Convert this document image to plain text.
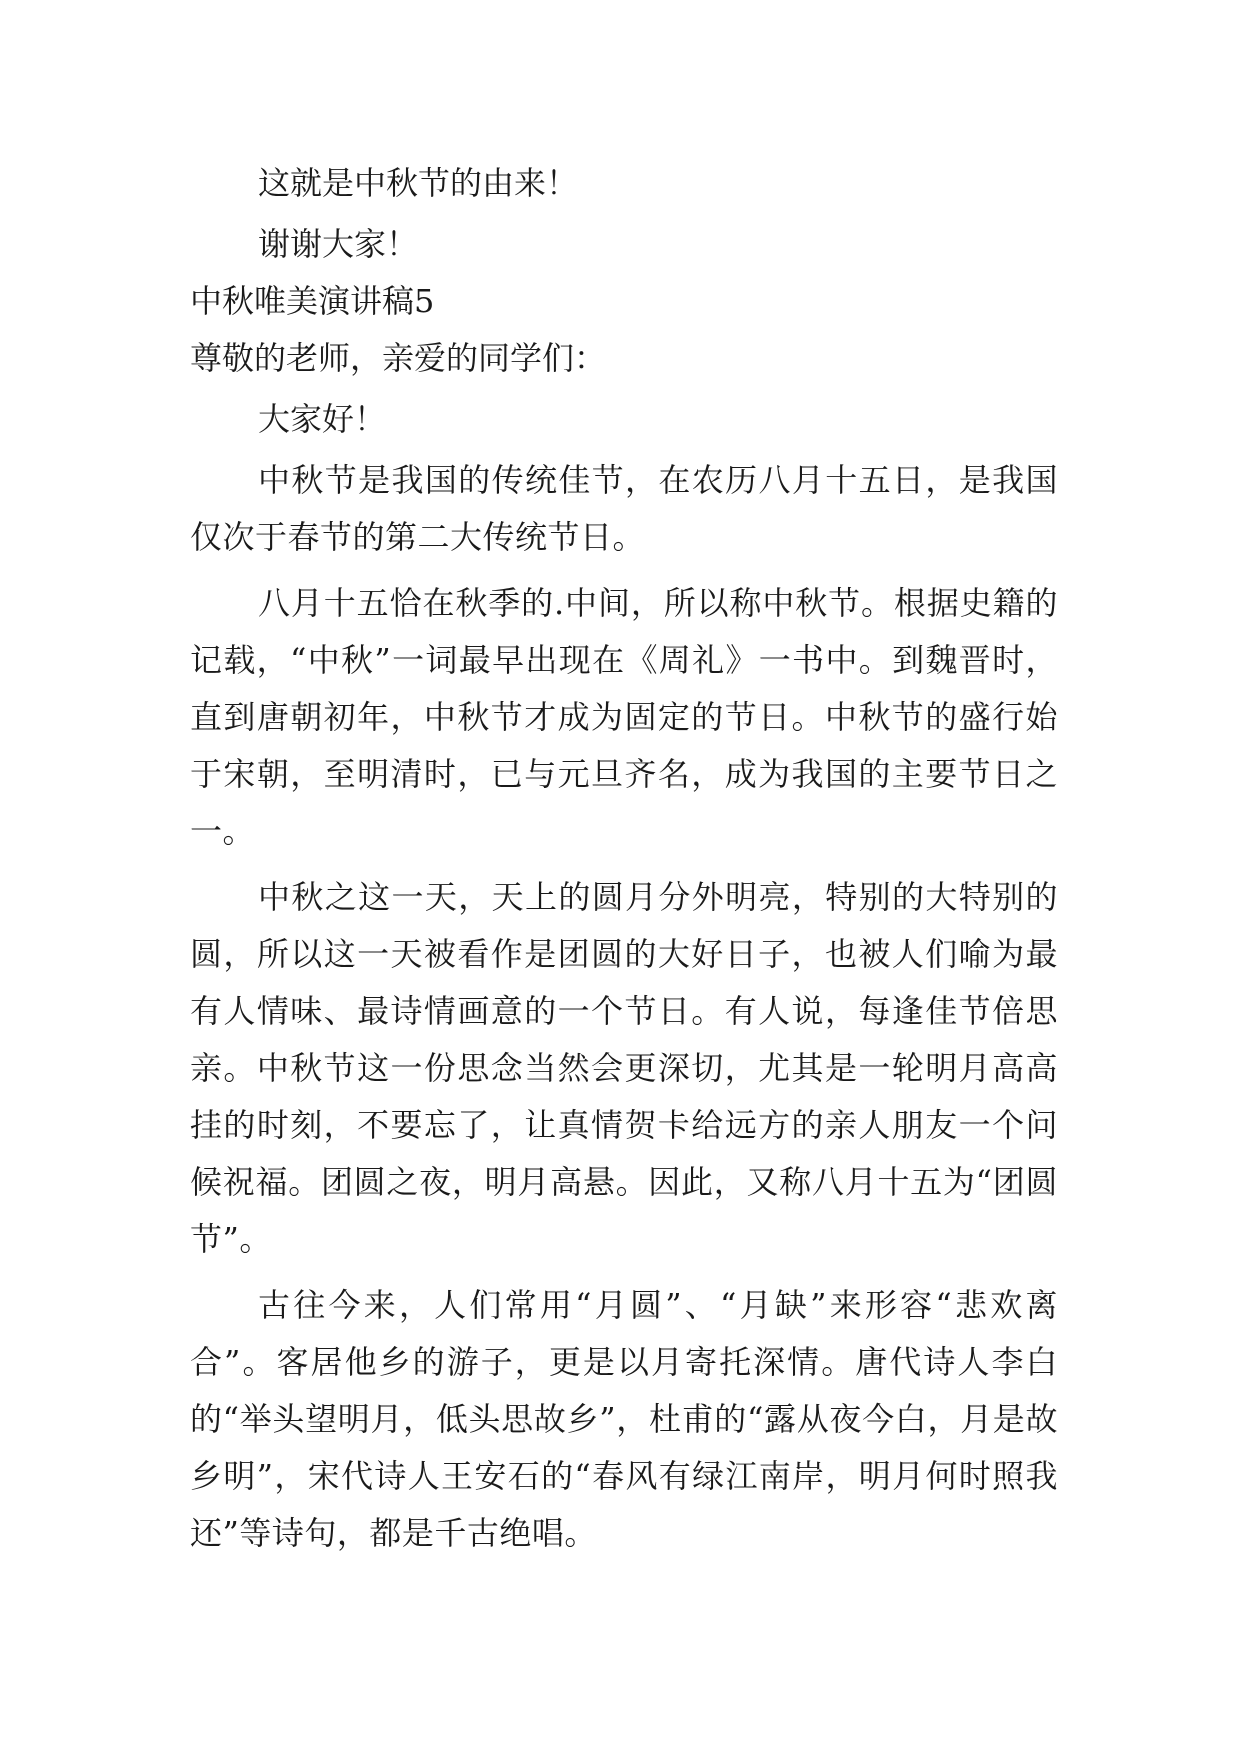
这就是中秋节的由来！
谢谢大家！
中秋唯美演讲稿5
尊敬的老师，亲爱的同学们：
大家好！

中秋节是我国的传统佳节，在农历八月十五日，是我国仅次于春节的第二大传统节日。

八月十五恰在秋季的.中间，所以称中秋节。根据史籍的记载，“中秋”一词最早出现在《周礼》一书中。到魏晋时，直到唐朝初年，中秋节才成为固定的节日。中秋节的盛行始于宋朝，至明清时，已与元旦齐名，成为我国的主要节日之一。

中秋之这一天，天上的圆月分外明亮，特别的大特别的圆，所以这一天被看作是团圆的大好日子，也被人们喻为最有人情味、最诗情画意的一个节日。有人说，每逢佳节倍思亲。中秋节这一份思念当然会更深切，尤其是一轮明月高高挂的时刻，不要忘了，让真情贺卡给远方的亲人朋友一个问候祝福。团圆之夜，明月高悬。因此，又称八月十五为“团圆节”。

古往今来，人们常用“月圆”、“月缺”来形容“悲欢离合”。客居他乡的游子，更是以月寄托深情。唐代诗人李白的“举头望明月，低头思故乡”，杜甫的“露从夜今白，月是故乡明”，宋代诗人王安石的“春风有绿江南岸，明月何时照我还”等诗句，都是千古绝唱。
